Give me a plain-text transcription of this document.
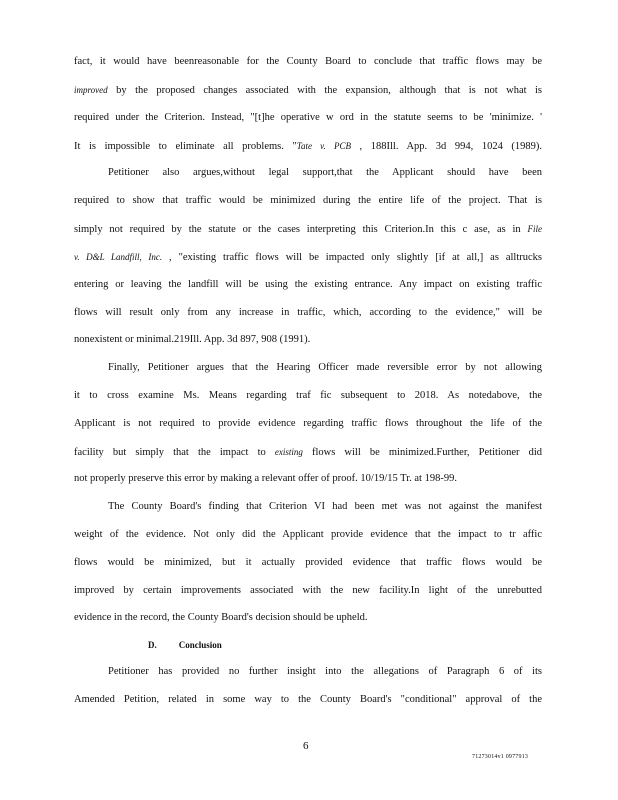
fact, it would have beenreasonable for the County Board to conclude that traffic flows may be
improved by the proposed changes associated with the expansion, although that is not what is
required under the Criterion. Instead, "[t]he operative w ord in the statute seems to be 'minimize. '
It is impossible to eliminate all problems. "Tate v. PCB , 188Ill. App. 3d 994, 1024 (1989).
Petitioner also argues,without legal support,that the Applicant should have been
required to show that traffic would be minimized during the entire life of the project. That is
simply not required by the statute or the cases interpreting this Criterion.In this c ase, as in File
v. D&L Landfill, Inc. , "existing traffic flows will be impacted only slightly [if at all,] as alltrucks
entering or leaving the landfill will be using the existing entrance. Any impact on existing traffic
flows will result only from any increase in traffic, which, according to the evidence," will be
nonexistent or minimal.219Ill. App. 3d 897, 908 (1991).
Finally, Petitioner argues that the Hearing Officer made reversible error by not allowing
it to cross examine Ms. Means regarding traf fic subsequent to 2018. As notedabove, the
Applicant is not required to provide evidence regarding traffic flows throughout the life of the
facility but simply that the impact to existing flows will be minimized.Further, Petitioner did
not properly preserve this error by making a relevant offer of proof. 10/19/15 Tr. at 198-99.
The County Board's finding that Criterion VI had been met was not against the manifest
weight of the evidence. Not only did the Applicant provide evidence that the impact to tr affic
flows would be minimized, but it actually provided evidence that traffic flows would be
improved by certain improvements associated with the new facility.In light of the unrebutted
evidence in the record, the County Board's decision should be upheld.
D. Conclusion
Petitioner has provided no further insight into the allegations of Paragraph 6 of its
Amended Petition, related in some way to the County Board's "conditional" approval of the
6
71273014v1 0977913
